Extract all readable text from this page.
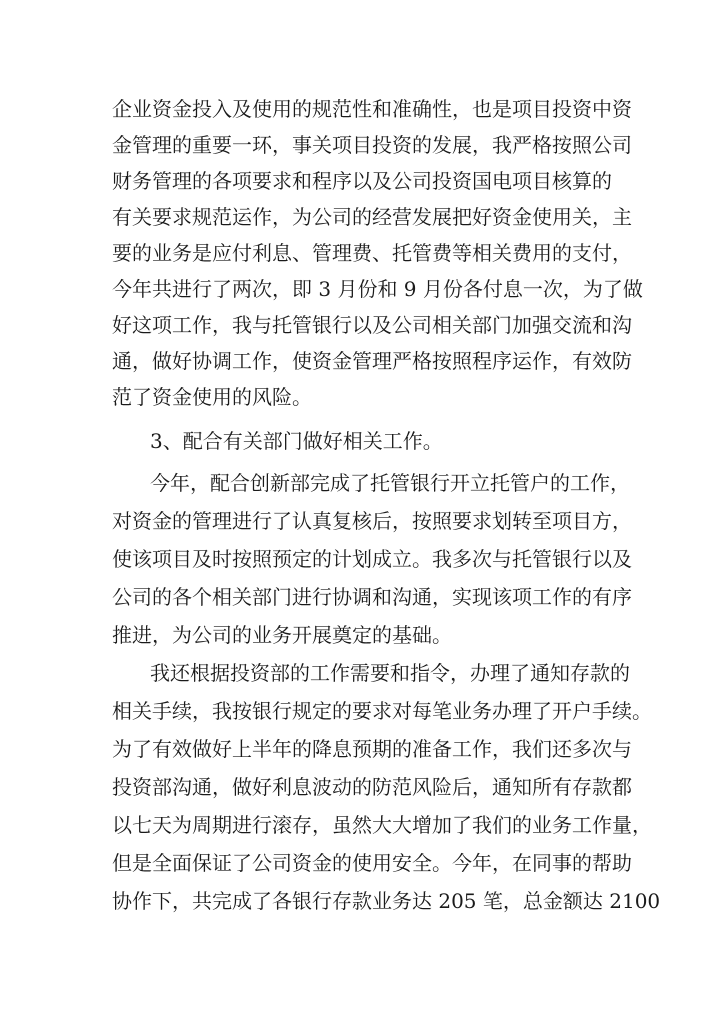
企业资金投入及使用的规范性和准确性，也是项目投资中资
金管理的重要一环，事关项目投资的发展，我严格按照公司
财务管理的各项要求和程序以及公司投资国电项目核算的
有关要求规范运作，为公司的经营发展把好资金使用关，主
要的业务是应付利息、管理费、托管费等相关费用的支付，
今年共进行了两次，即 3 月份和 9 月份各付息一次，为了做
好这项工作，我与托管银行以及公司相关部门加强交流和沟
通，做好协调工作，使资金管理严格按照程序运作，有效防
范了资金使用的风险。
3、配合有关部门做好相关工作。
今年，配合创新部完成了托管银行开立托管户的工作，
对资金的管理进行了认真复核后，按照要求划转至项目方，
使该项目及时按照预定的计划成立。我多次与托管银行以及
公司的各个相关部门进行协调和沟通，实现该项工作的有序
推进，为公司的业务开展奠定的基础。
我还根据投资部的工作需要和指令，办理了通知存款的
相关手续，我按银行规定的要求对每笔业务办理了开户手续。
为了有效做好上半年的降息预期的准备工作，我们还多次与
投资部沟通，做好利息波动的防范风险后，通知所有存款都
以七天为周期进行滚存，虽然大大增加了我们的业务工作量，
但是全面保证了公司资金的使用安全。今年，在同事的帮助
协作下，共完成了各银行存款业务达 205 笔，总金额达 2100
